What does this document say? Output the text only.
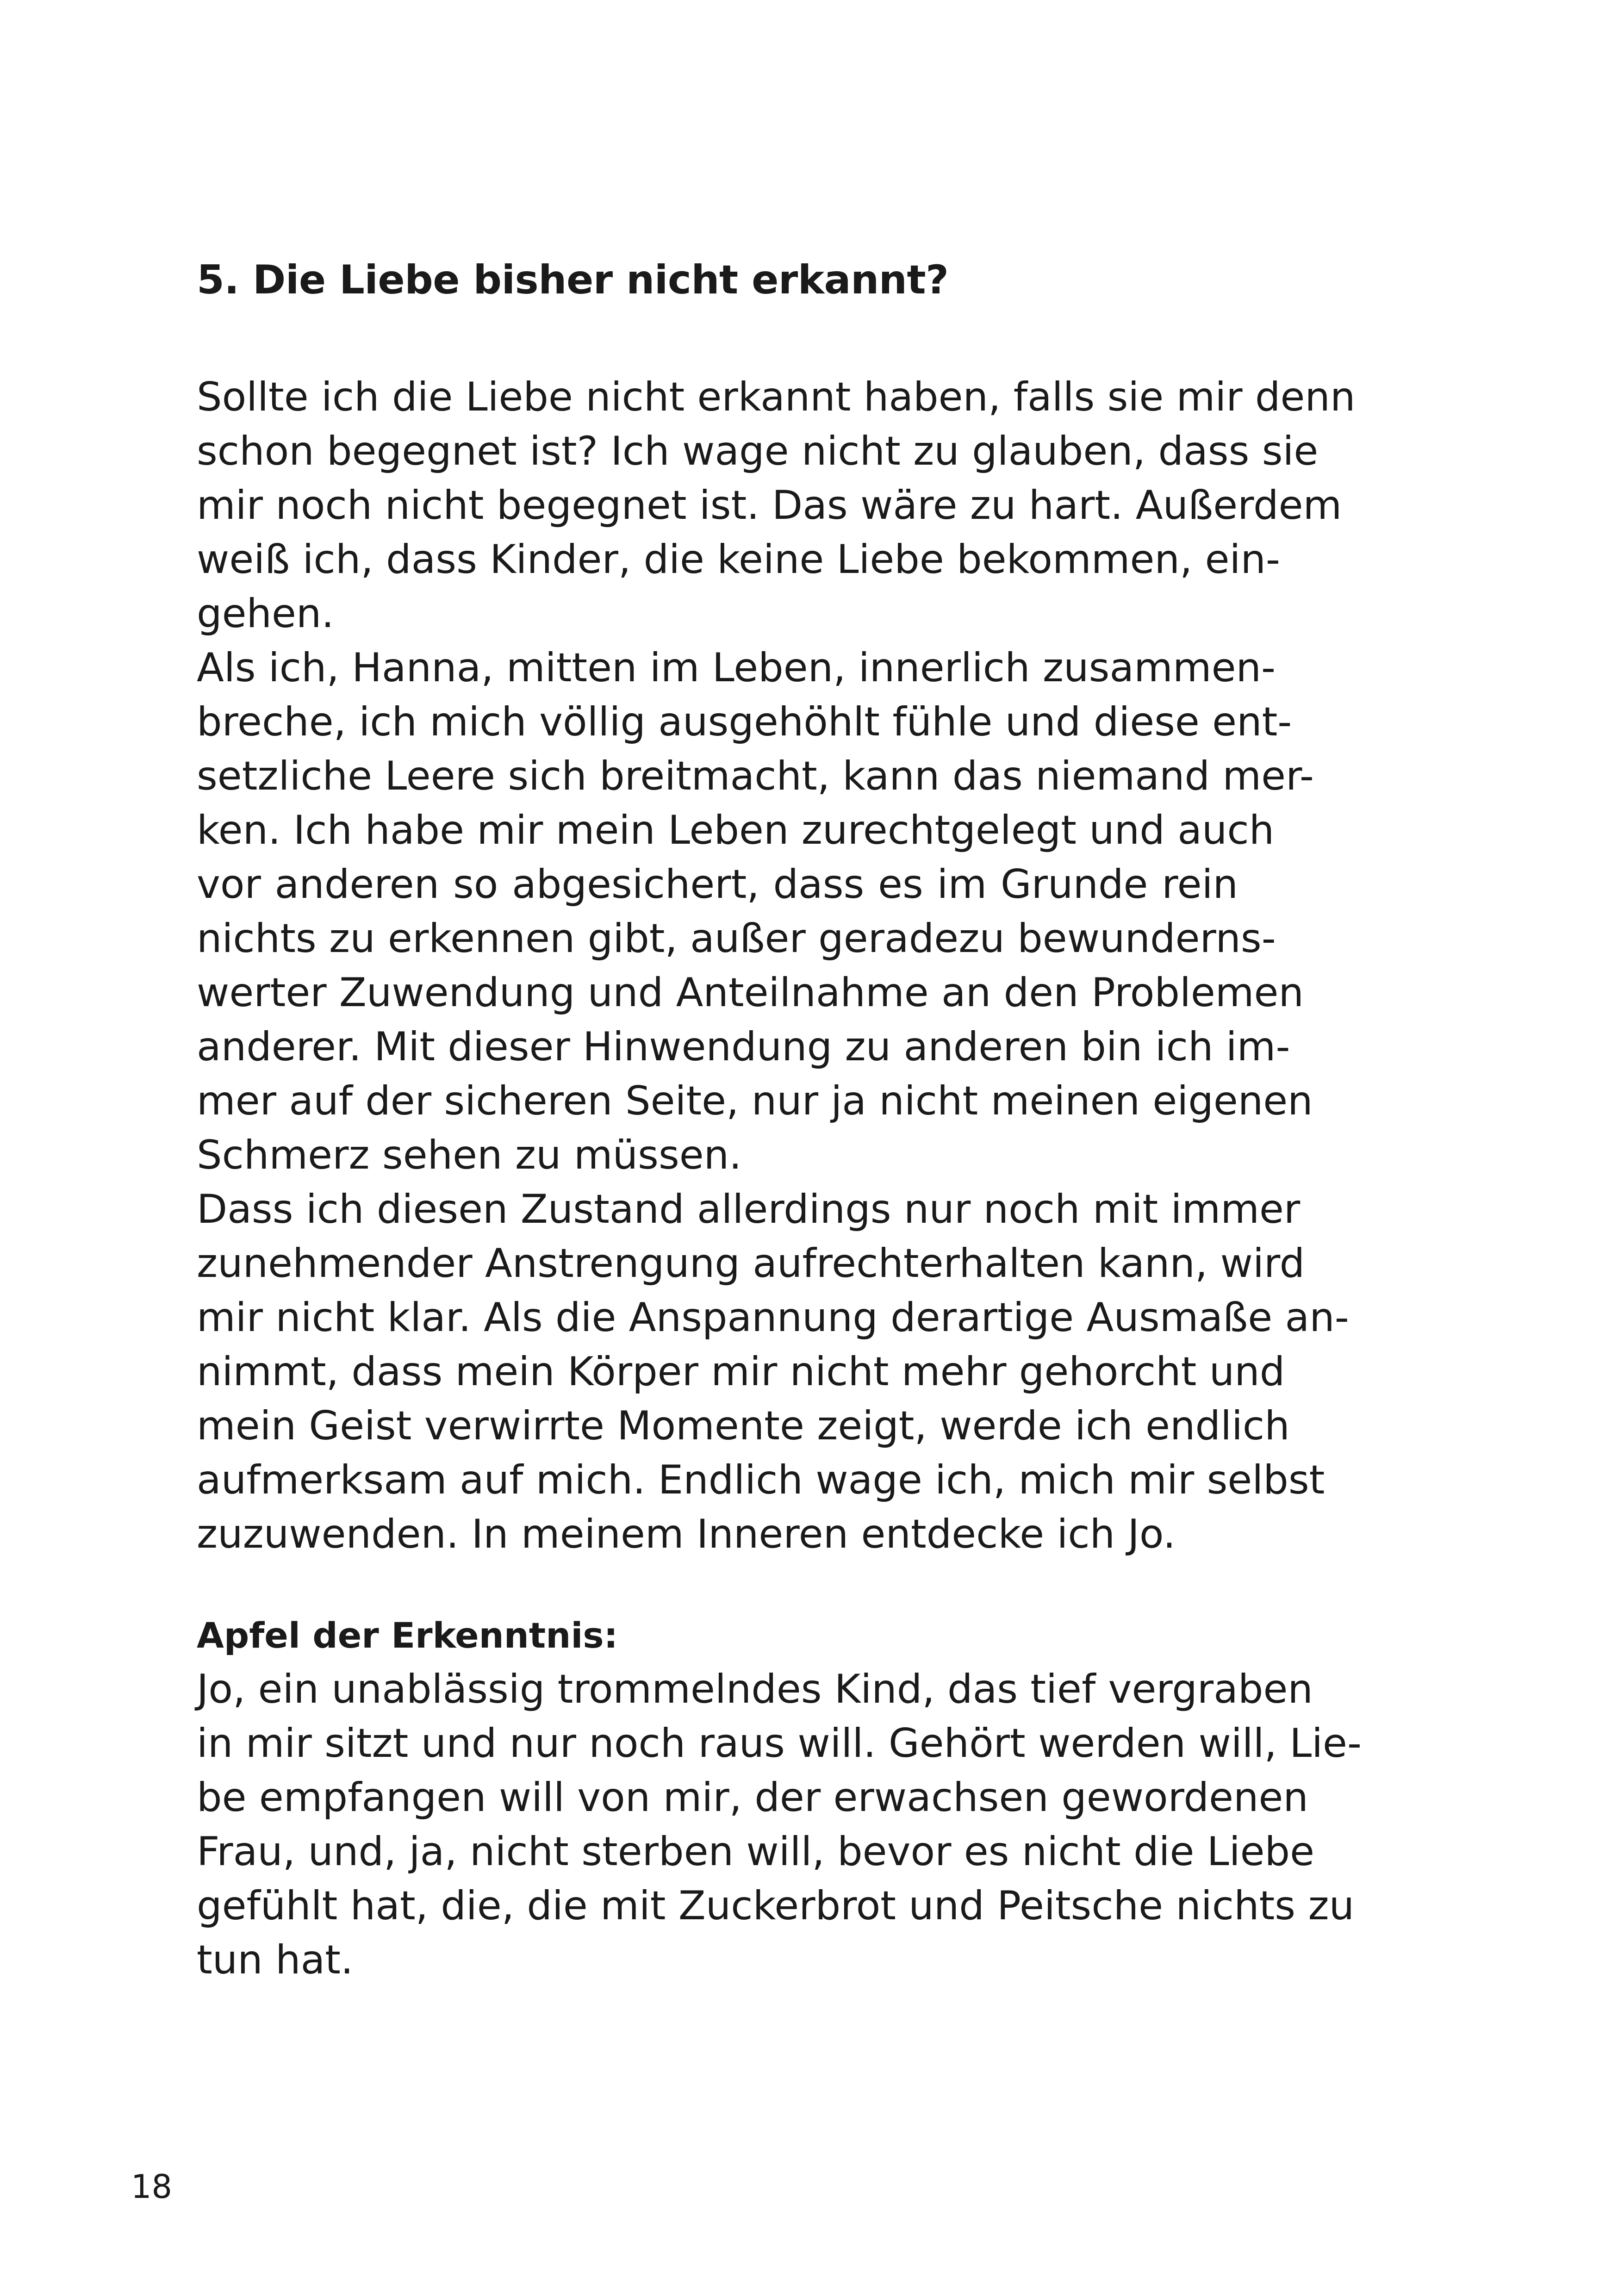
5. Die Liebe bisher nicht erkannt?
Sollte ich die Liebe nicht erkannt haben, falls sie mir denn
schon begegnet ist? Ich wage nicht zu glauben, dass sie
mir noch nicht begegnet ist. Das wäre zu hart. Außerdem
weiß ich, dass Kinder, die keine Liebe bekommen, ein-
gehen.
Als ich, Hanna, mitten im Leben, innerlich zusammen-
breche, ich mich völlig ausgehöhlt fühle und diese ent-
setzliche Leere sich breitmacht, kann das niemand mer-
ken. Ich habe mir mein Leben zurechtgelegt und auch
vor anderen so abgesichert, dass es im Grunde rein
nichts zu erkennen gibt, außer geradezu bewunderns-
werter Zuwendung und Anteilnahme an den Problemen
anderer. Mit dieser Hinwendung zu anderen bin ich im-
mer auf der sicheren Seite, nur ja nicht meinen eigenen
Schmerz sehen zu müssen.
Dass ich diesen Zustand allerdings nur noch mit immer
zunehmender Anstrengung aufrechterhalten kann, wird
mir nicht klar. Als die Anspannung derartige Ausmaße an-
nimmt, dass mein Körper mir nicht mehr gehorcht und
mein Geist verwirrte Momente zeigt, werde ich endlich
aufmerksam auf mich. Endlich wage ich, mich mir selbst
zuzuwenden. In meinem Inneren entdecke ich Jo.
Apfel der Erkenntnis:
Jo, ein unablässig trommelndes Kind, das tief vergraben
in mir sitzt und nur noch raus will. Gehört werden will, Lie-
be empfangen will von mir, der erwachsen gewordenen
Frau, und, ja, nicht sterben will, bevor es nicht die Liebe
gefühlt hat, die, die mit Zuckerbrot und Peitsche nichts zu
tun hat.
18
